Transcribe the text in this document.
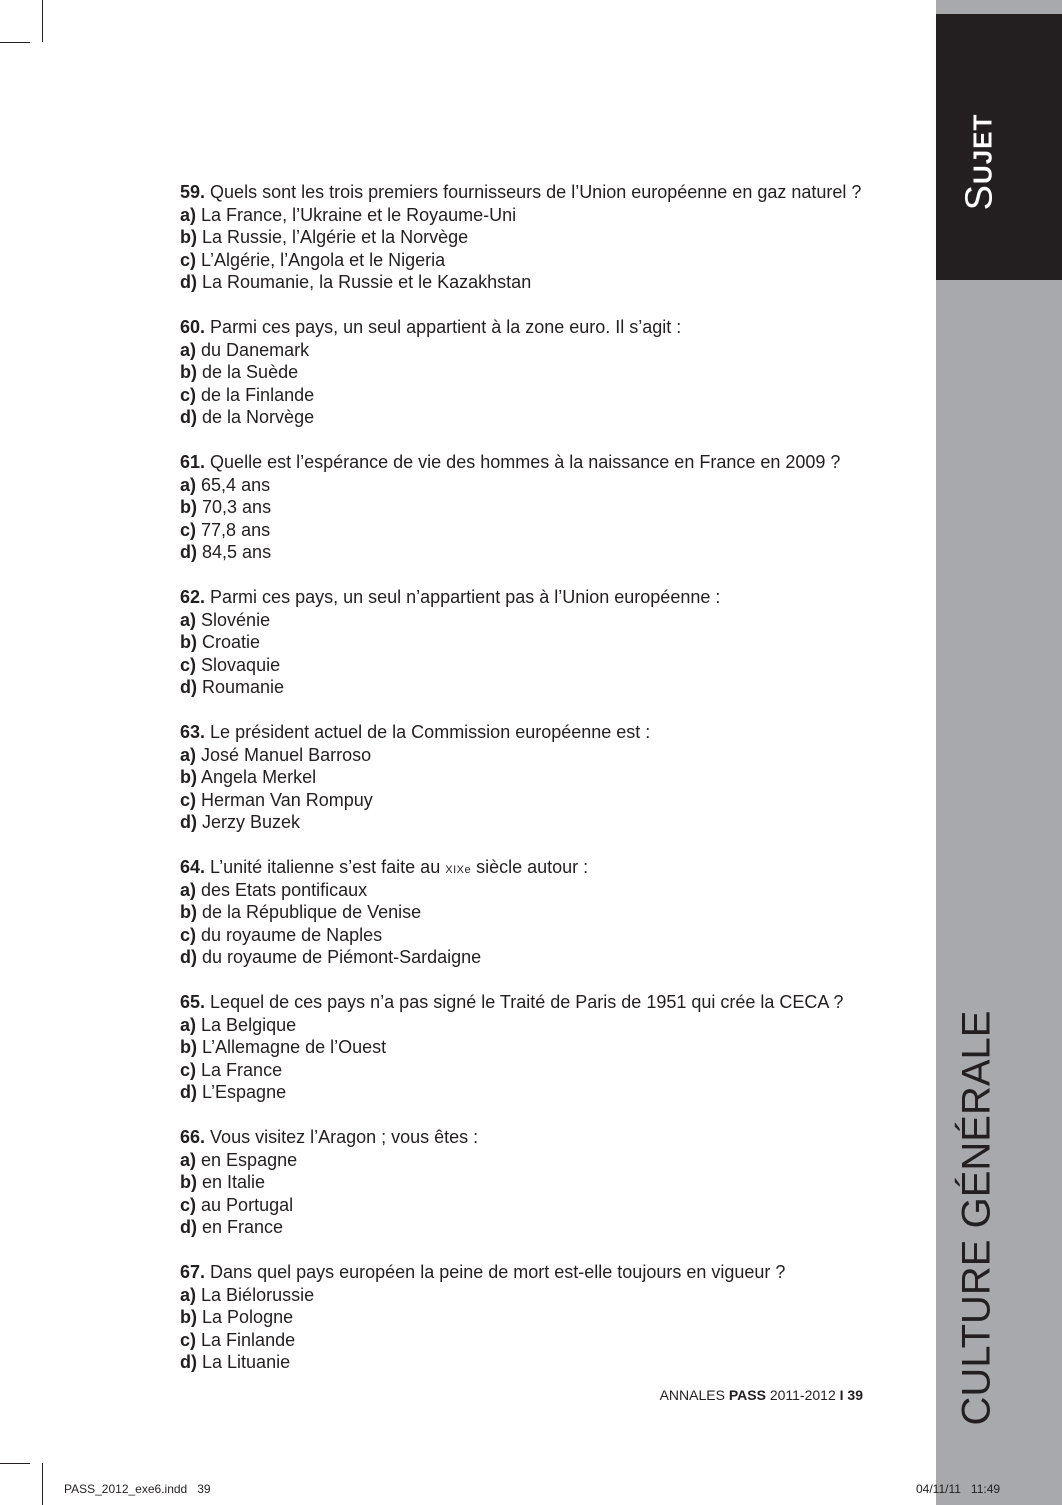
SUJET
CULTURE GÉNÉRALE
59. Quels sont les trois premiers fournisseurs de l’Union européenne en gaz naturel ?
a) La France, l’Ukraine et le Royaume-Uni
b) La Russie, l’Algérie et la Norvège
c) L’Algérie, l’Angola et le Nigeria
d) La Roumanie, la Russie et le Kazakhstan
60. Parmi ces pays, un seul appartient à la zone euro. Il s’agit :
a) du Danemark
b) de la Suède
c) de la Finlande
d) de la Norvège
61. Quelle est l’espérance de vie des hommes à la naissance en France en 2009 ?
a) 65,4 ans
b) 70,3 ans
c) 77,8 ans
d) 84,5 ans
62. Parmi ces pays, un seul n’appartient pas à l’Union européenne :
a) Slovénie
b) Croatie
c) Slovaquie
d) Roumanie
63. Le président actuel de la Commission européenne est :
a) José Manuel Barroso
b) Angela Merkel
c) Herman Van Rompuy
d) Jerzy Buzek
64. L’unité italienne s’est faite au XIXe siècle autour :
a) des Etats pontificaux
b) de la République de Venise
c) du royaume de Naples
d) du royaume de Piémont-Sardaigne
65. Lequel de ces pays n’a pas signé le Traité de Paris de 1951 qui crée la CECA ?
a) La Belgique
b) L’Allemagne de l’Ouest
c) La France
d) L’Espagne
66. Vous visitez l’Aragon ; vous êtes :
a) en Espagne
b) en Italie
c) au Portugal
d) en France
67. Dans quel pays européen la peine de mort est-elle toujours en vigueur ?
a) La Biélorussie
b) La Pologne
c) La Finlande
d) La Lituanie
ANNALES PASS 2011-2012 I 39
PASS_2012_exe6.indd   39	04/11/11   11:49
